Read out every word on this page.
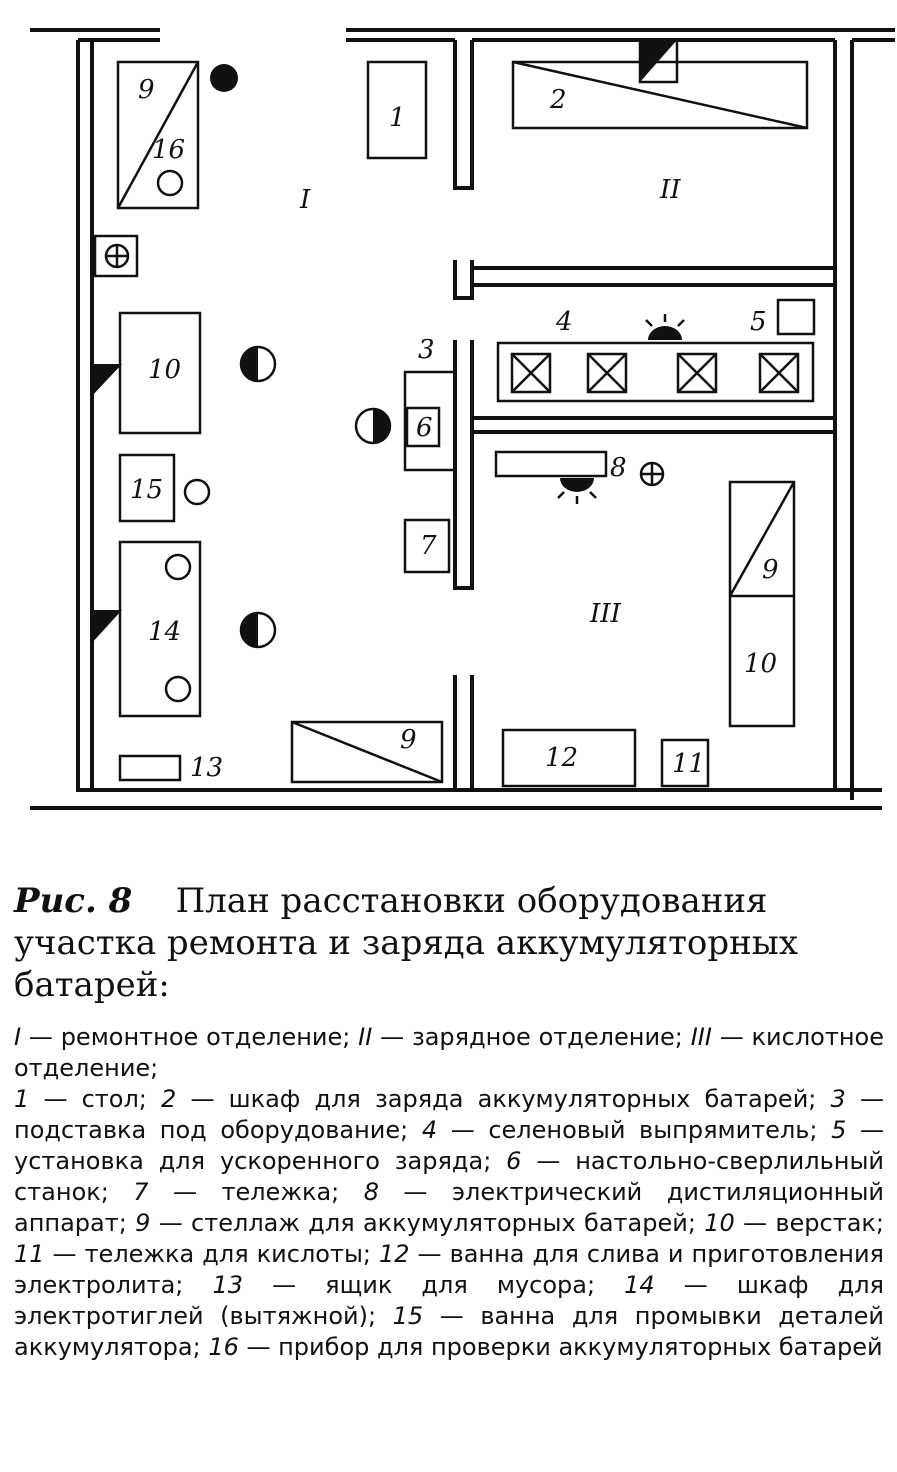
I	II
III
9
16
1
2
10
3
4	5
6
15
8
7
9
14
10
9
12	11
13
Рис. 8 План расстановки оборудования участка ремонта и заряда аккумуляторных батарей:

I — ремонтное отделение; II — зарядное отделение; III — кислотное отделение;

1 — стол; 2 — шкаф для заряда аккумуляторных батарей; 3 — подставка под оборудование; 4 — селеновый выпрямитель; 5 — установка для ускоренного заряда; 6 — настольно-сверлильный станок; 7 — тележка; 8 — электрический дистиляционный аппарат; 9 — стеллаж для аккумуляторных батарей; 10 — верстак; 11 — тележка для кислоты; 12 — ванна для слива и приготовления электролита; 13 — ящик для мусора; 14 — шкаф для электротиглей (вытяжной); 15 — ванна для промывки деталей аккумулятора; 16 — прибор для проверки аккумуляторных батарей
